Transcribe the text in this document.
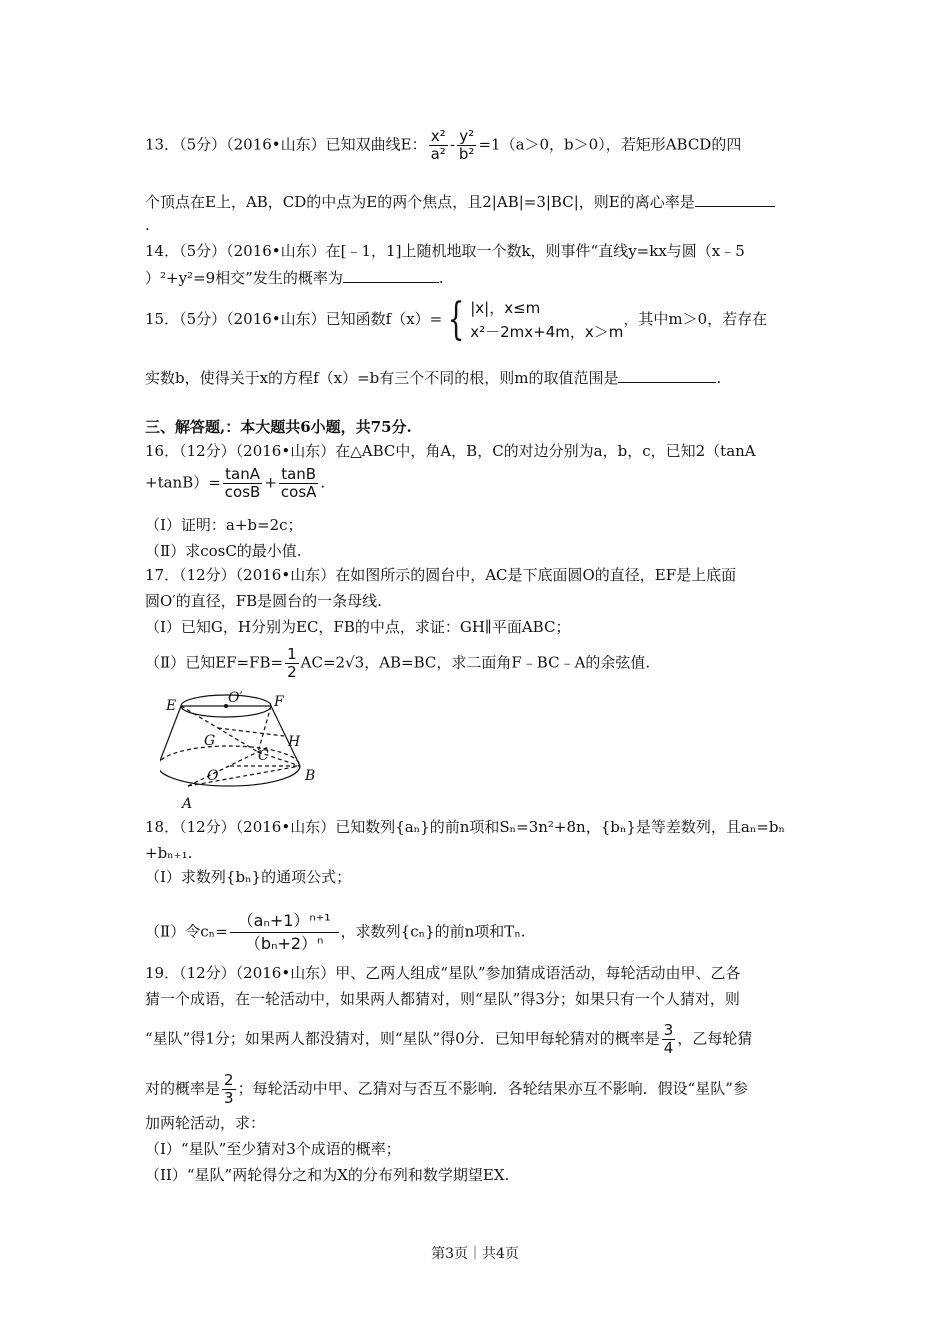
13．（5分）（2016•山东）已知双曲线E： $\frac{\text{x²}}{\text{a²}} - \frac{\text{y²}}{\text{b²}} =1(a>0$，b＞0），若矩形ABCD的四
个顶点在E上，AB，CD的中点为E的两个焦点，且2|AB|=3|BC|，则E的离心率是
.
14．（5分）（2016•山东）在[﹣1，1]上随机地取一个数k，则事件“直线y=kx与圆（x﹣5
）²+y²=9相交”发生的概率为	.
15．（5分）（2016•山东）已知函数f（x）= { |x|，x≤m
x²－2mx+4m，x＞m
，其中m＞0，若存在
实数b，使得关于x的方程f（x）=b有三个不同的根，则m的取值范围是	.
三、解答题,：本大题共6小题，共75分.
16．（12分）（2016•山东）在△ABC中，角A，B，C的对边分别为a，b，c，已知2（tanA
$+\tan B)= \frac{\tan A}{\cos B} + \frac{\tan B}{\cos A}$ .
（Ⅰ）证明：a+b=2c；
（Ⅱ）求cosC的最小值.
17．（12分）（2016•山东）在如图所示的圆台中，AC是下底面圆O的直径，EF是上底面
圆O′的直径，FB是圆台的一条母线.
（I）已知G，H分别为EC，FB的中点，求证：GH∥平面ABC；
（Ⅱ）已知$EF=FB= \frac{1}{2} AC=2√3$，AB=BC，求二面角F﹣BC﹣A的余弦值.
E	F
O′
G	H
C
O	B
A
18．（12分）（2016•山东）已知数列{aₙ}的前n项和Sₙ=3n²+8n，{bₙ}是等差数列，且aₙ=bₙ
+bₙ₊₁.
（Ⅰ）求数列{bₙ}的通项公式；
（Ⅱ）令$c_n= \frac{\text{（aₙ+1）ⁿ⁺¹}}{\text{（bₙ+2）ⁿ}}$ ，求数列{cₙ}的前n项和Tₙ.
19．（12分）（2016•山东）甲、乙两人组成“星队”参加猜成语活动，每轮活动由甲、乙各
猜一个成语，在一轮活动中，如果两人都猜对，则“星队”得3分；如果只有一个人猜对，则
“星队”得1分；如果两人都没猜对，则“星队”得0分．已知甲每轮猜对的概率是 $\frac{3}{4}$ ，乙每轮猜
对的概率是 $\frac{2}{3}$ ；每轮活动中甲、乙猜对与否互不影响．各轮结果亦互不影响．假设“星队”参
加两轮活动，求：
（I）“星队”至少猜对3个成语的概率；
（II）“星队”两轮得分之和为X的分布列和数学期望EX.
第3页｜共4页
